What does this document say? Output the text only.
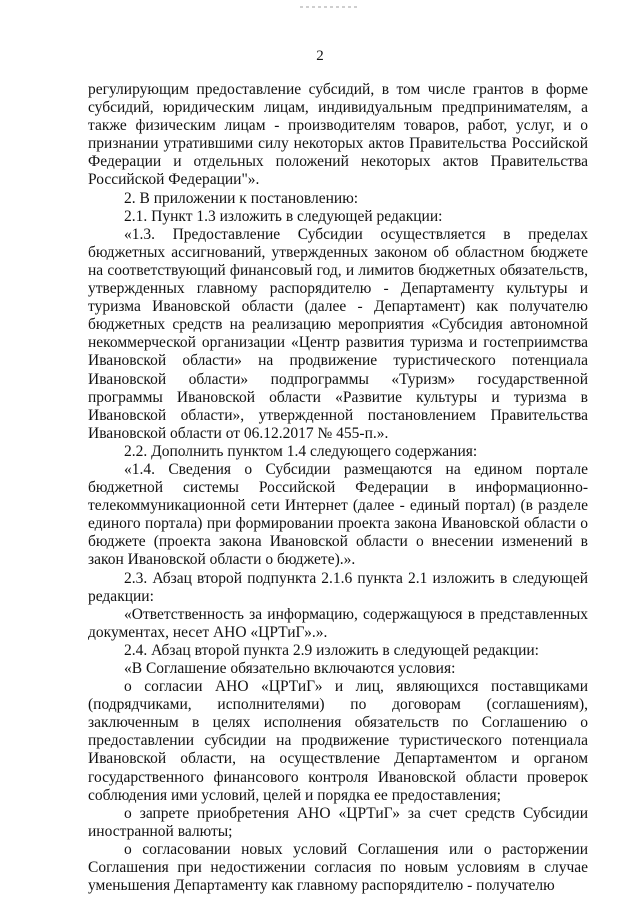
2

регулирующим предоставление субсидий, в том числе грантов в форме субсидий, юридическим лицам, индивидуальным предпринимателям, а также физическим лицам - производителям товаров, работ, услуг, и о признании утратившими силу некоторых актов Правительства Российской Федерации и отдельных положений некоторых актов Правительства Российской Федерации"».

2. В приложении к постановлению:

2.1. Пункт 1.3 изложить в следующей редакции:

«1.3. Предоставление Субсидии осуществляется в пределах бюджетных ассигнований, утвержденных законом об областном бюджете на соответствующий финансовый год, и лимитов бюджетных обязательств, утвержденных главному распорядителю - Департаменту культуры и туризма Ивановской области (далее - Департамент) как получателю бюджетных средств на реализацию мероприятия «Субсидия автономной некоммерческой организации «Центр развития туризма и гостеприимства Ивановской области» на продвижение туристического потенциала Ивановской области» подпрограммы «Туризм» государственной программы Ивановской области «Развитие культуры и туризма в Ивановской области», утвержденной постановлением Правительства Ивановской области от 06.12.2017 № 455-п.».

2.2. Дополнить пунктом 1.4 следующего содержания:

«1.4. Сведения о Субсидии размещаются на едином портале бюджетной системы Российской Федерации в информационно-телекоммуникационной сети Интернет (далее - единый портал) (в разделе единого портала) при формировании проекта закона Ивановской области о бюджете (проекта закона Ивановской области о внесении изменений в закон Ивановской области о бюджете).».

2.3. Абзац второй подпункта 2.1.6 пункта 2.1 изложить в следующей редакции:

«Ответственность за информацию, содержащуюся в представленных документах, несет АНО «ЦРТиГ».».

2.4. Абзац второй пункта 2.9 изложить в следующей редакции:

«В Соглашение обязательно включаются условия:

о согласии АНО «ЦРТиГ» и лиц, являющихся поставщиками (подрядчиками, исполнителями) по договорам (соглашениям), заключенным в целях исполнения обязательств по Соглашению о предоставлении субсидии на продвижение туристического потенциала Ивановской области, на осуществление Департаментом и органом государственного финансового контроля Ивановской области проверок соблюдения ими условий, целей и порядка ее предоставления;

о запрете приобретения АНО «ЦРТиГ» за счет средств Субсидии иностранной валюты;

о согласовании новых условий Соглашения или о расторжении Соглашения при недостижении согласия по новым условиям в случае уменьшения Департаменту как главному распорядителю - получателю
